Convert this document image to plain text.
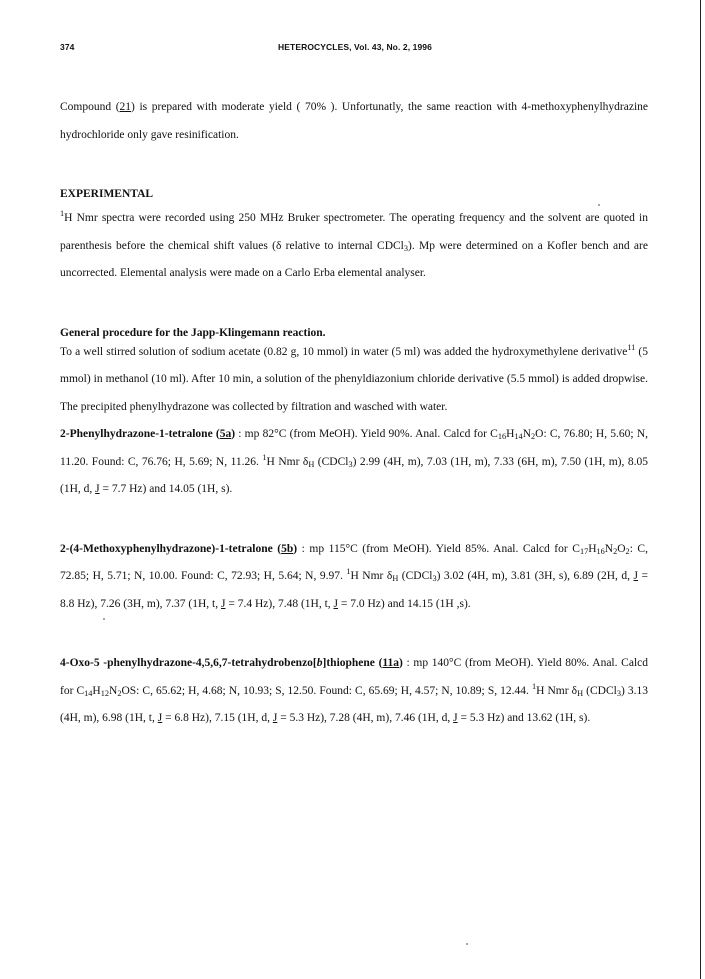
374	HETEROCYCLES, Vol. 43, No. 2, 1996

Compound (21) is prepared with moderate yield ( 70% ). Unfortunatly, the same reaction with 4-methoxyphenylhydrazine hydrochloride only gave resinification.

EXPERIMENTAL

$^1$H Nmr spectra were recorded using 250 MHz Bruker spectrometer. The operating frequency and the solvent are quoted in parenthesis before the chemical shift values (δ relative to internal CDCl$_3$). Mp were determined on a Kofler bench and are uncorrected. Elemental analysis were made on a Carlo Erba elemental analyser.

General procedure for the Japp-Klingemann reaction.

To a well stirred solution of sodium acetate (0.82 g, 10 mmol) in water (5 ml) was added the hydroxymethylene derivative$^{11}$ (5 mmol) in methanol (10 ml). After 10 min, a solution of the phenyldiazonium chloride derivative (5.5 mmol) is added dropwise. The precipited phenylhydrazone was collected by filtration and wasched with water.

2-Phenylhydrazone-1-tetralone (5a) : mp 82°C (from MeOH). Yield 90%. Anal. Calcd for $C_{16}H_{14}N_2O$: C, 76.80; H, 5.60; N, 11.20. Found: C, 76.76; H, 5.69; N, 11.26. $^1$H Nmr $\delta_H$ (CDCl$_3$) 2.99 (4H, m), 7.03 (1H, m), 7.33 (6H, m), 7.50 (1H, m), 8.05 (1H, d, J = 7.7 Hz) and 14.05 (1H, s).

2-(4-Methoxyphenylhydrazone)-1-tetralone (5b) : mp 115°C (from MeOH). Yield 85%. Anal. Calcd for $C_{17}H_{16}N_2O_2$: C, 72.85; H, 5.71; N, 10.00. Found: C, 72.93; H, 5.64; N, 9.97. $^1$H Nmr $\delta_H$ (CDCl$_3$) 3.02 (4H, m), 3.81 (3H, s), 6.89 (2H, d, J = 8.8 Hz), 7.26 (3H, m), 7.37 (1H, t, J = 7.4 Hz), 7.48 (1H, t, J = 7.0 Hz) and 14.15 (1H ,s).

4-Oxo-5 -phenylhydrazone-4,5,6,7-tetrahydrobenzo[b]thiophene (11a) : mp 140°C (from MeOH). Yield 80%. Anal. Calcd for $C_{14}H_{12}N_2OS$: C, 65.62; H, 4.68; N, 10.93; S, 12.50. Found: C, 65.69; H, 4.57; N, 10.89; S, 12.44. $^1$H Nmr $\delta_H$ (CDCl$_3$) 3.13 (4H, m), 6.98 (1H, t, J = 6.8 Hz), 7.15 (1H, d, J = 5.3 Hz), 7.28 (4H, m), 7.46 (1H, d, J = 5.3 Hz) and 13.62 (1H, s).
